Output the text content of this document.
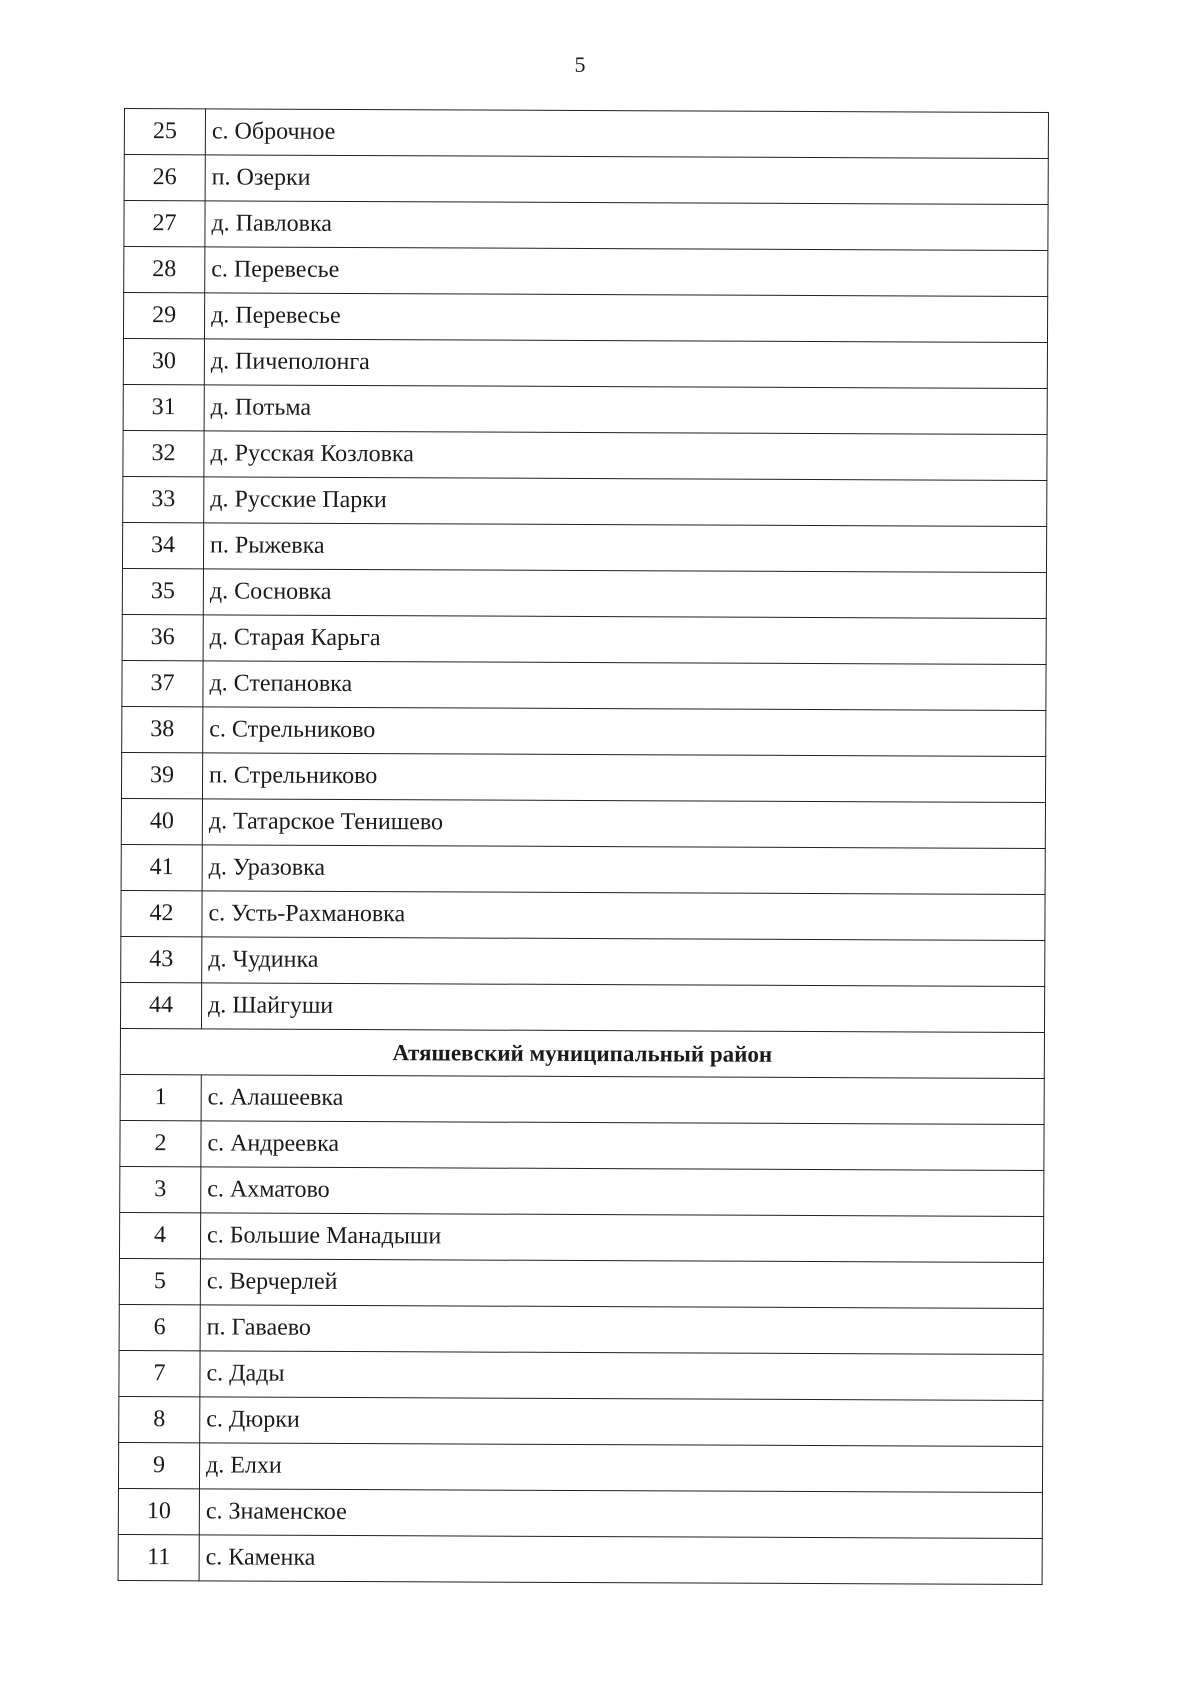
5
25	с. Оброчное
26	п. Озерки
27	д. Павловка
28	с. Перевесье
29	д. Перевесье
30	д. Пичеполонга
31	д. Потьма
32	д. Русская Козловка
33	д. Русские Парки
34	п. Рыжевка
35	д. Сосновка
36	д. Старая Карьга
37	д. Степановка
38	с. Стрельниково
39	п. Стрельниково
40	д. Татарское Тенишево
41	д. Уразовка
42	с. Усть-Рахмановка
43	д. Чудинка
44	д. Шайгуши
Атяшевский муниципальный район	
1	с. Алашеевка
2	с. Андреевка
3	с. Ахматово
4	с. Большие Манадыши
5	с. Верчерлей
6	п. Гаваево
7	с. Дады
8	с. Дюрки
9	д. Елхи
10	с. Знаменское
11	с. Каменка
